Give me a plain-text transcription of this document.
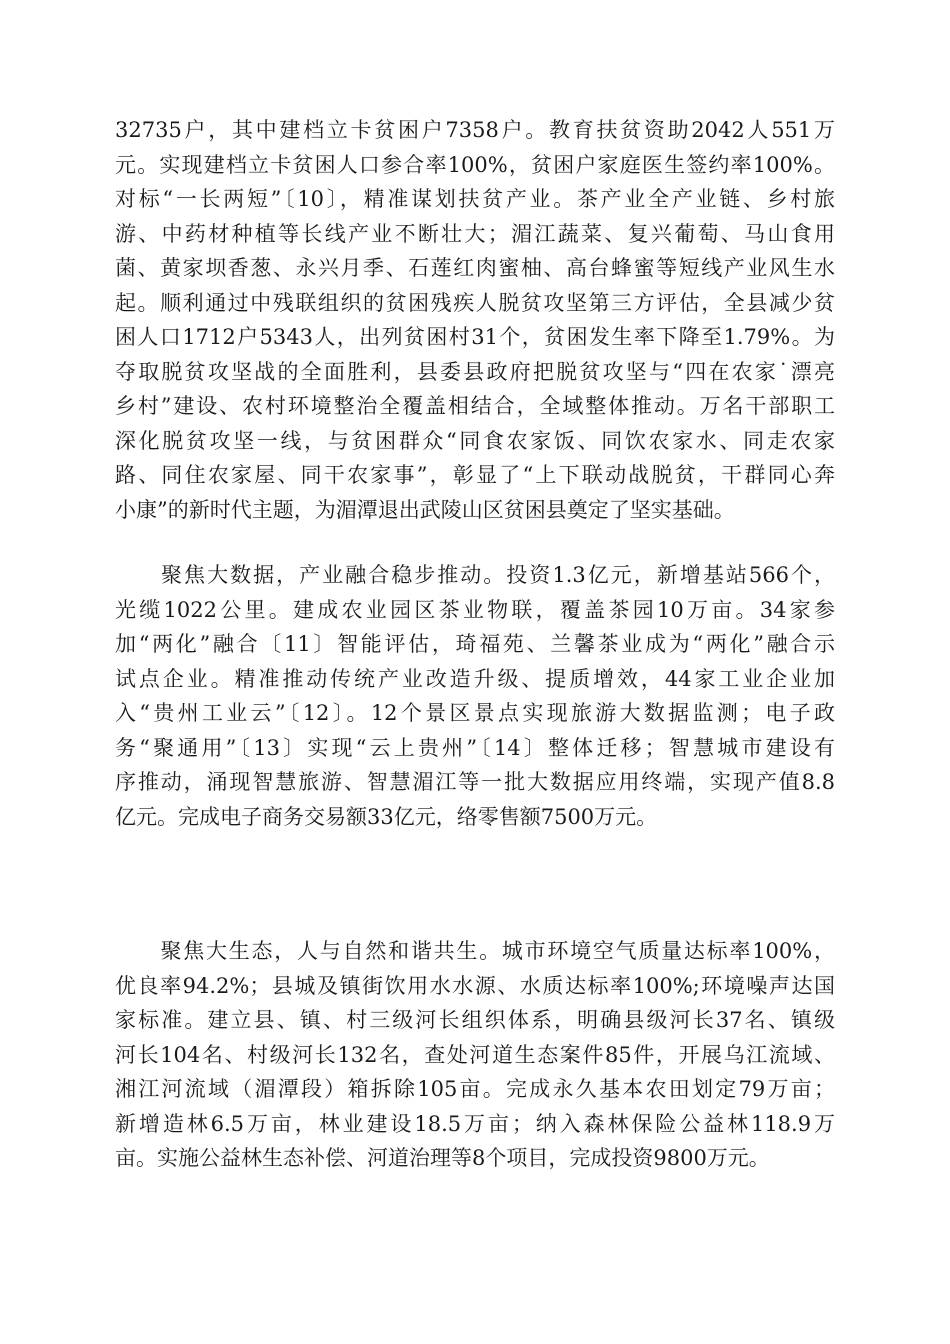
32735户，其中建档立卡贫困户7358户。教育扶贫资助2042人551万
元。实现建档立卡贫困人口参合率100%，贫困户家庭医生签约率100%。
对标“一长两短”〔10〕，精准谋划扶贫产业。茶产业全产业链、乡村旅
游、中药材种植等长线产业不断壮大；湄江蔬菜、复兴葡萄、马山食用
菌、黄家坝香葱、永兴月季、石莲红肉蜜柚、高台蜂蜜等短线产业风生水
起。顺利通过中残联组织的贫困残疾人脱贫攻坚第三方评估，全县减少贫
困人口1712户5343人，出列贫困村31个，贫困发生率下降至1.79%。为
夺取脱贫攻坚战的全面胜利，县委县政府把脱贫攻坚与“四在农家˙漂亮
乡村”建设、农村环境整治全覆盖相结合，全域整体推动。万名干部职工
深化脱贫攻坚一线，与贫困群众“同食农家饭、同饮农家水、同走农家
路、同住农家屋、同干农家事”，彰显了“上下联动战脱贫，干群同心奔
小康”的新时代主题，为湄潭退出武陵山区贫困县奠定了坚实基础。
　　聚焦大数据，产业融合稳步推动。投资1.3亿元，新增基站566个，
光缆1022公里。建成农业园区茶业物联，覆盖茶园10万亩。34家参
加“两化”融合〔11〕智能评估，琦福苑、兰馨茶业成为“两化”融合示
试点企业。精准推动传统产业改造升级、提质增效，44家工业企业加
入“贵州工业云”〔12〕。12个景区景点实现旅游大数据监测；电子政
务“聚通用”〔13〕实现“云上贵州”〔14〕整体迁移；智慧城市建设有
序推动，涌现智慧旅游、智慧湄江等一批大数据应用终端，实现产值8.8
亿元。完成电子商务交易额33亿元，络零售额7500万元。
　　聚焦大生态，人与自然和谐共生。城市环境空气质量达标率100%，
优良率94.2%；县城及镇街饮用水水源、水质达标率100%;环境噪声达国
家标准。建立县、镇、村三级河长组织体系，明确县级河长37名、镇级
河长104名、村级河长132名，查处河道生态案件85件，开展乌江流域、
湘江河流域（湄潭段）箱拆除105亩。完成永久基本农田划定79万亩；
新增造林6.5万亩，林业建设18.5万亩；纳入森林保险公益林118.9万
亩。实施公益林生态补偿、河道治理等8个项目，完成投资9800万元。
